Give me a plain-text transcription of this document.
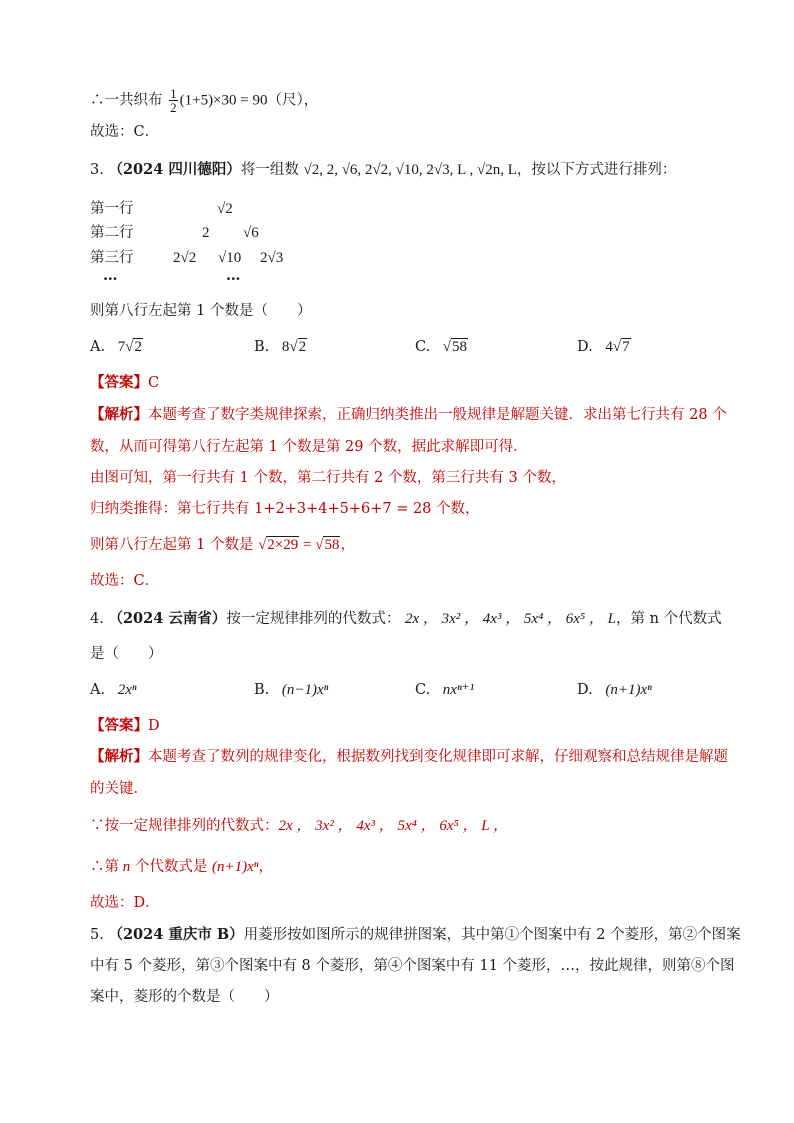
∴一共织布 $\frac{1}{2} (1+5)\times 30 = 90$（尺），
故选：C．
3. （2024 四川德阳）将一组数 √2, 2, √6, 2√2, √10, 2√3, L , √2n, L，按以下方式进行排列：
第一行	√2
第二行	2 √6
第三行	2√2 √10 2√3
…	…
则第八行左起第 1 个数是（　　）
A. 7√2	B. 8√2	C. √58	D. 4√7
【答案】C
【解析】本题考查了数字类规律探索，正确归纳类推出一般规律是解题关键．求出第七行共有 28 个
数，从而可得第八行左起第 1 个数是第 29 个数，据此求解即可得．
由图可知，第一行共有 1 个数，第二行共有 2 个数，第三行共有 3 个数，
归纳类推得：第七行共有 1+2+3+4+5+6+7 = 28 个数，
则第八行左起第 1 个数是 √2×29 = √58，
故选：C．
4. （2024 云南省）按一定规律排列的代数式： 2x ， 3x² ， 4x³ ， 5x⁴ ， 6x⁵ ， L，第 n 个代数式
是（　　）
A. 2xⁿ	B. (n−1)xⁿ	C. nxⁿ⁺¹	D. (n+1)xⁿ
【答案】D
【解析】本题考查了数列的规律变化，根据数列找到变化规律即可求解，仔细观察和总结规律是解题
的关键．
∵按一定规律排列的代数式：2x ， 3x² ， 4x³ ， 5x⁴ ， 6x⁵ ， L ，
∴第 n 个代数式是 (n+1)xⁿ，
故选：D．
5. （2024 重庆市 B）用菱形按如图所示的规律拼图案，其中第①个图案中有 2 个菱形，第②个图案
中有 5 个菱形，第③个图案中有 8 个菱形，第④个图案中有 11 个菱形，…，按此规律，则第⑧个图
案中，菱形的个数是（　　）
